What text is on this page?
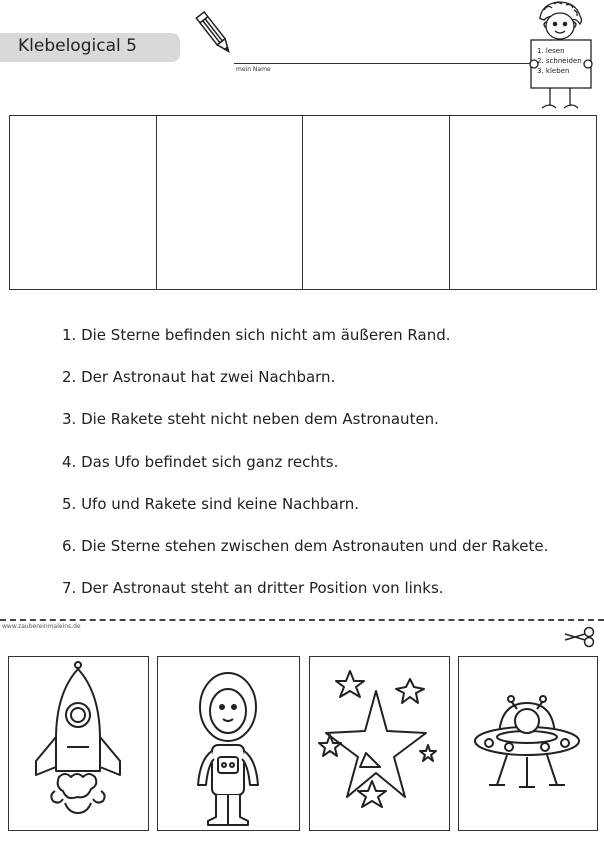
Klebelogical 5
mein Name
1. lesen
2. schneiden
3. kleben
1. Die Sterne befinden sich nicht am äußeren Rand.
2. Der Astronaut hat zwei Nachbarn.
3. Die Rakete steht nicht neben dem Astronauten.
4. Das Ufo befindet sich ganz rechts.
5. Ufo und Rakete sind keine Nachbarn.
6. Die Sterne stehen zwischen dem Astronauten und der Rakete.
7. Der Astronaut steht an dritter Position von links.
www.zaubereinmaleins.de
